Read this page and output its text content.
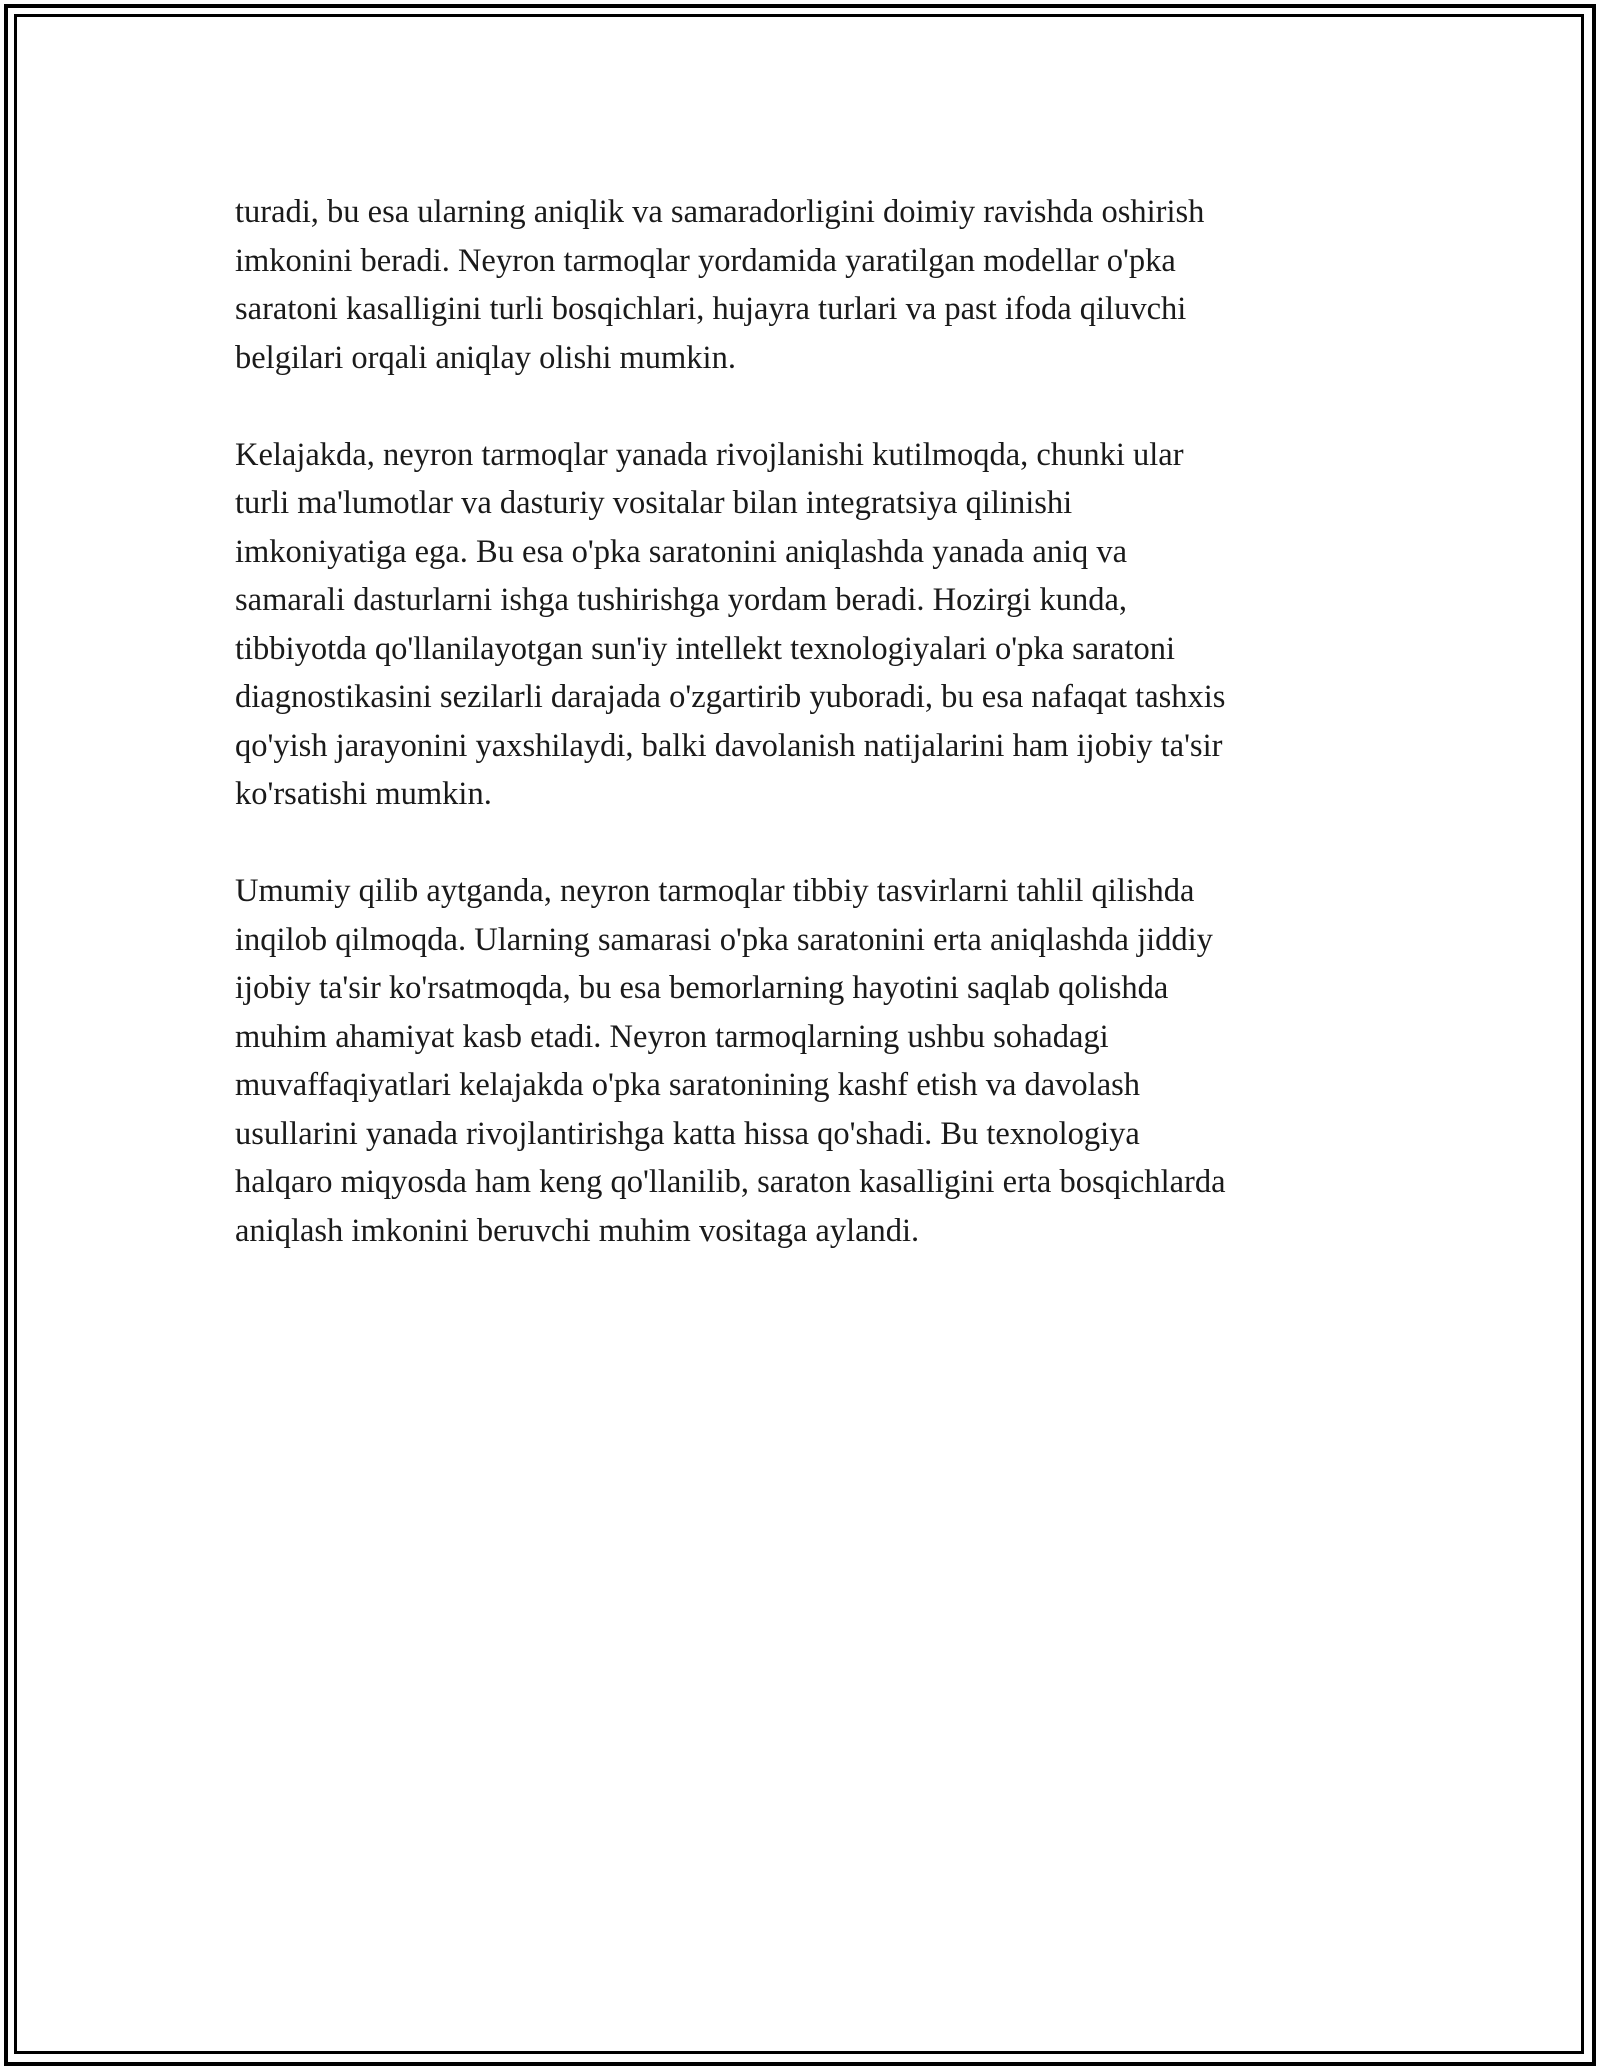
turadi, bu esa ularning aniqlik va samaradorligini doimiy ravishda oshirish
imkonini beradi. Neyron tarmoqlar yordamida yaratilgan modellar o'pka
saratoni kasalligini turli bosqichlari, hujayra turlari va past ifoda qiluvchi
belgilari orqali aniqlay olishi mumkin.

Kelajakda, neyron tarmoqlar yanada rivojlanishi kutilmoqda, chunki ular
turli ma'lumotlar va dasturiy vositalar bilan integratsiya qilinishi
imkoniyatiga ega. Bu esa o'pka saratonini aniqlashda yanada aniq va
samarali dasturlarni ishga tushirishga yordam beradi. Hozirgi kunda,
tibbiyotda qo'llanilayotgan sun'iy intellekt texnologiyalari o'pka saratoni
diagnostikasini sezilarli darajada o'zgartirib yuboradi, bu esa nafaqat tashxis
qo'yish jarayonini yaxshilaydi, balki davolanish natijalarini ham ijobiy ta'sir
ko'rsatishi mumkin.

Umumiy qilib aytganda, neyron tarmoqlar tibbiy tasvirlarni tahlil qilishda
inqilob qilmoqda. Ularning samarasi o'pka saratonini erta aniqlashda jiddiy
ijobiy ta'sir ko'rsatmoqda, bu esa bemorlarning hayotini saqlab qolishda
muhim ahamiyat kasb etadi. Neyron tarmoqlarning ushbu sohadagi
muvaffaqiyatlari kelajakda o'pka saratonining kashf etish va davolash
usullarini yanada rivojlantirishga katta hissa qo'shadi. Bu texnologiya
halqaro miqyosda ham keng qo'llanilib, saraton kasalligini erta bosqichlarda
aniqlash imkonini beruvchi muhim vositaga aylandi.
